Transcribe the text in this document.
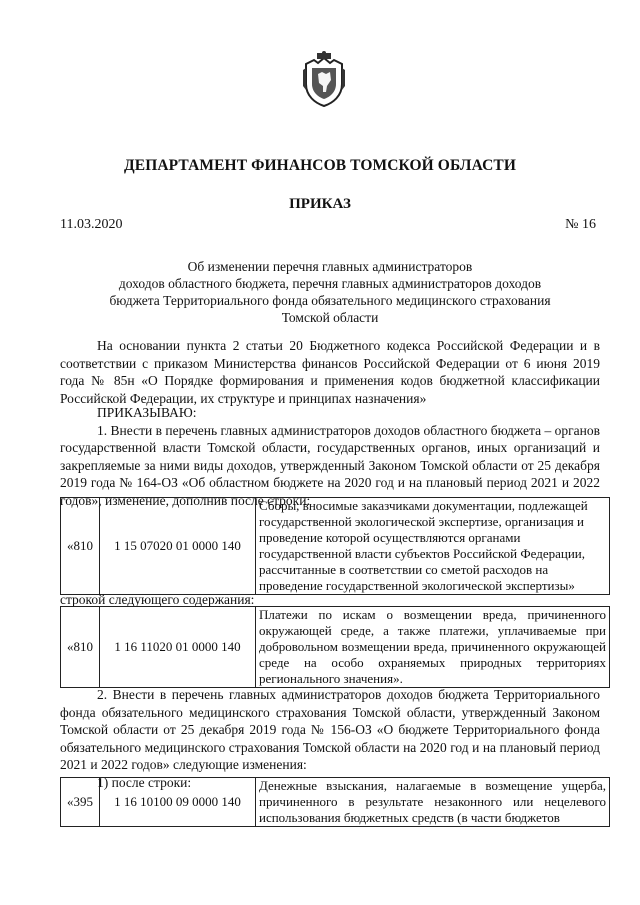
ДЕПАРТАМЕНТ ФИНАНСОВ ТОМСКОЙ ОБЛАСТИ
ПРИКАЗ
11.03.2020	№ 16
Об изменении перечня главных администраторов
доходов областного бюджета, перечня главных администраторов доходов
бюджета Территориального фонда обязательного медицинского страхования
Томской области
На основании пункта 2 статьи 20 Бюджетного кодекса Российской Федерации и в соответствии с приказом Министерства финансов Российской Федерации от 6 июня 2019 года № 85н «О Порядке формирования и применения кодов бюджетной классификации Российской Федерации, их структуре и принципах назначения»
ПРИКАЗЫВАЮ:
1. Внести в перечень главных администраторов доходов областного бюджета – органов государственной власти Томской области, государственных органов, иных организаций и закрепляемые за ними виды доходов, утвержденный Законом Томской области от 25 декабря 2019 года № 164-ОЗ «Об областном бюджете на 2020 год и на плановый период 2021 и 2022 годов», изменение, дополнив после строки:
«810	1 15 07020 01 0000 140	Сборы, вносимые заказчиками документации, подлежащей государственной экологической экспертизе, организация и проведение которой осуществляются органами государственной власти субъектов Российской Федерации, рассчитанные в соответствии со сметой расходов на проведение государственной экологической экспертизы»
строкой следующего содержания:
«810	1 16 11020 01 0000 140	Платежи по искам о возмещении вреда, причиненного окружающей среде, а также платежи, уплачиваемые при добровольном возмещении вреда, причиненного окружающей среде на особо охраняемых природных территориях регионального значения».
2. Внести в перечень главных администраторов доходов бюджета Территориального фонда обязательного медицинского страхования Томской области, утвержденный Законом Томской области от 25 декабря 2019 года № 156-ОЗ «О бюджете Территориального фонда обязательного медицинского страхования Томской области на 2020 год и на плановый период 2021 и 2022 годов» следующие изменения:
1) после строки:
«395	1 16 10100 09 0000 140	Денежные взыскания, налагаемые в возмещение ущерба, причиненного в результате незаконного или нецелевого использования бюджетных средств (в части бюджетов
